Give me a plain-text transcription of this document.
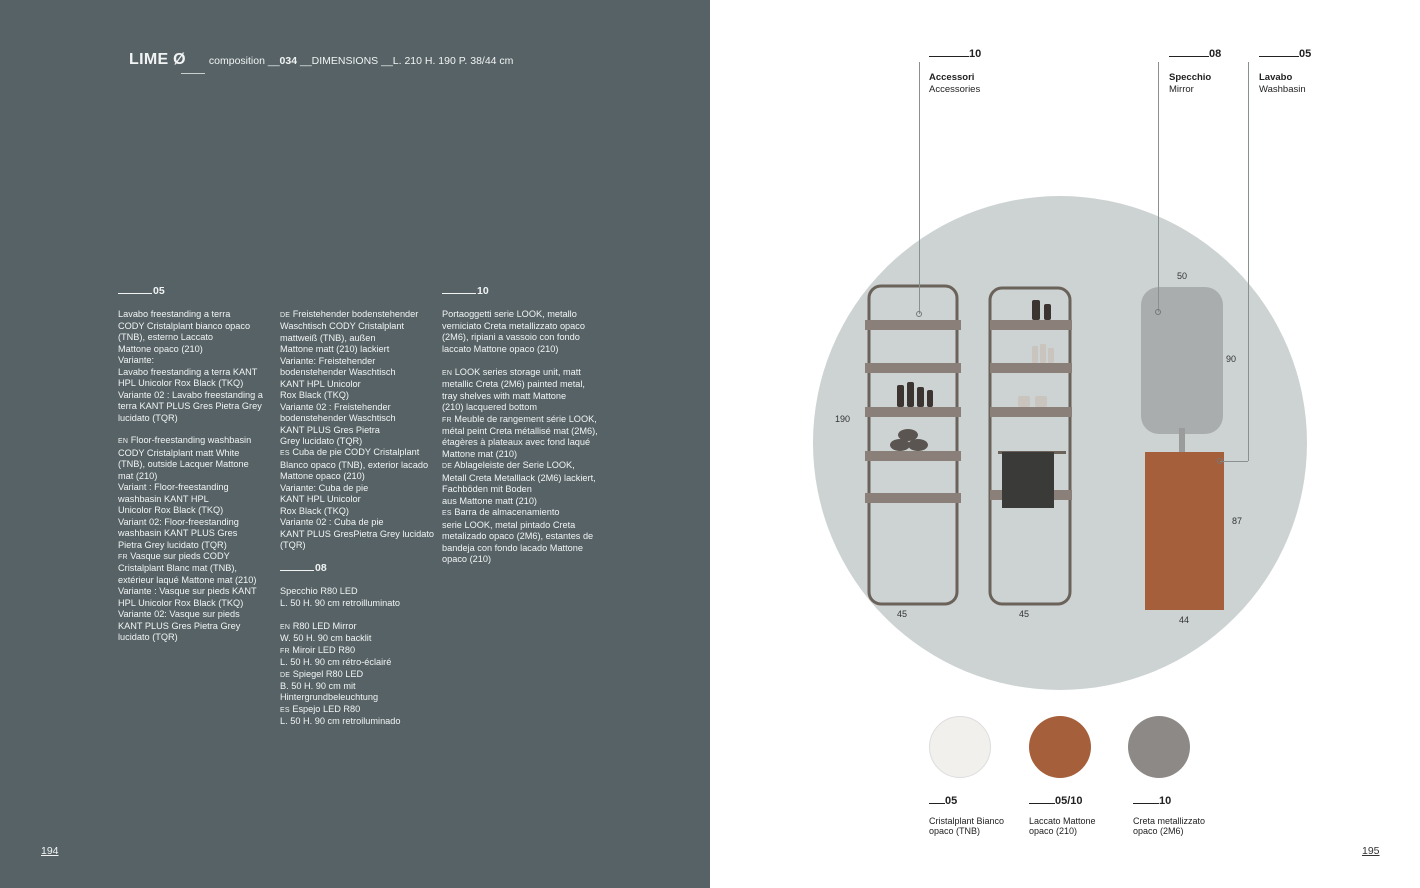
LIME Ø composition __034 __DIMENSIONS __L. 210 H. 190 P. 38/44 cm
05

Lavabo freestanding a terra
CODY Cristalplant bianco opaco
(TNB), esterno Laccato
Mattone opaco (210)
Variante:
Lavabo freestanding a terra KANT
HPL Unicolor Rox Black (TKQ)
Variante 02 : Lavabo freestanding a
terra KANT PLUS Gres Pietra Grey
lucidato (TQR)

EN Floor-freestanding washbasin
CODY Cristalplant matt White
(TNB), outside Lacquer Mattone
mat (210)
Variant : Floor-freestanding
washbasin KANT HPL
Unicolor Rox Black (TKQ)
Variant 02: Floor-freestanding
washbasin KANT PLUS Gres
Pietra Grey lucidato (TQR)
FR Vasque sur pieds CODY
Cristalplant Blanc mat (TNB),
extérieur laqué Mattone mat (210)
Variante : Vasque sur pieds KANT
HPL Unicolor Rox Black (TKQ)
Variante 02: Vasque sur pieds
KANT PLUS Gres Pietra Grey
lucidato (TQR)

DE Freistehender bodenstehender
Waschtisch CODY Cristalplant
mattweiß (TNB), außen
Mattone matt (210) lackiert
Variante: Freistehender
bodenstehender Waschtisch
KANT HPL Unicolor
Rox Black (TKQ)
Variante 02 : Freistehender
bodenstehender Waschtisch
KANT PLUS Gres Pietra
Grey lucidato (TQR)
ES Cuba de pie CODY Cristalplant
Blanco opaco (TNB), exterior lacado
Mattone opaco (210)
Variante: Cuba de pie
KANT HPL Unicolor
Rox Black (TKQ)
Variante 02 : Cuba de pie
KANT PLUS GresPietra Grey lucidato
(TQR)

08

Specchio R80 LED
L. 50 H. 90 cm retroilluminato

EN R80 LED Mirror
W. 50 H. 90 cm backlit
FR Miroir LED R80
L. 50 H. 90 cm rétro-éclairé
DE Spiegel R80 LED
B. 50 H. 90 cm mit
Hintergrundbeleuchtung
ES Espejo LED R80
L. 50 H. 90 cm retroiluminado

10

Portaoggetti serie LOOK, metallo
verniciato Creta metallizzato opaco
(2M6), ripiani a vassoio con fondo
laccato Mattone opaco (210)

EN LOOK series storage unit, matt
metallic Creta (2M6) painted metal,
tray shelves with matt Mattone
(210) lacquered bottom
FR Meuble de rangement série LOOK,
métal peint Creta métallisé mat (2M6),
étagères à plateaux avec fond laqué
Mattone mat (210)
DE Ablageleiste der Serie LOOK,
Metall Creta Metalllack (2M6) lackiert,
Fachböden mit Boden
aus Mattone matt (210)
ES Barra de almacenamiento
serie LOOK, metal pintado Creta
metalizado opaco (2M6), estantes de
bandeja con fondo lacado Mattone
opaco (210)

194
10
Accessori
Accessories
08
Specchio
Mirror
05
Lavabo
Washbasin
190
45	45
50
90
87
44
05
Cristalplant Bianco
opaco (TNB)
05/10
Laccato Mattone
opaco (210)
10
Creta metallizzato
opaco (2M6)
195
